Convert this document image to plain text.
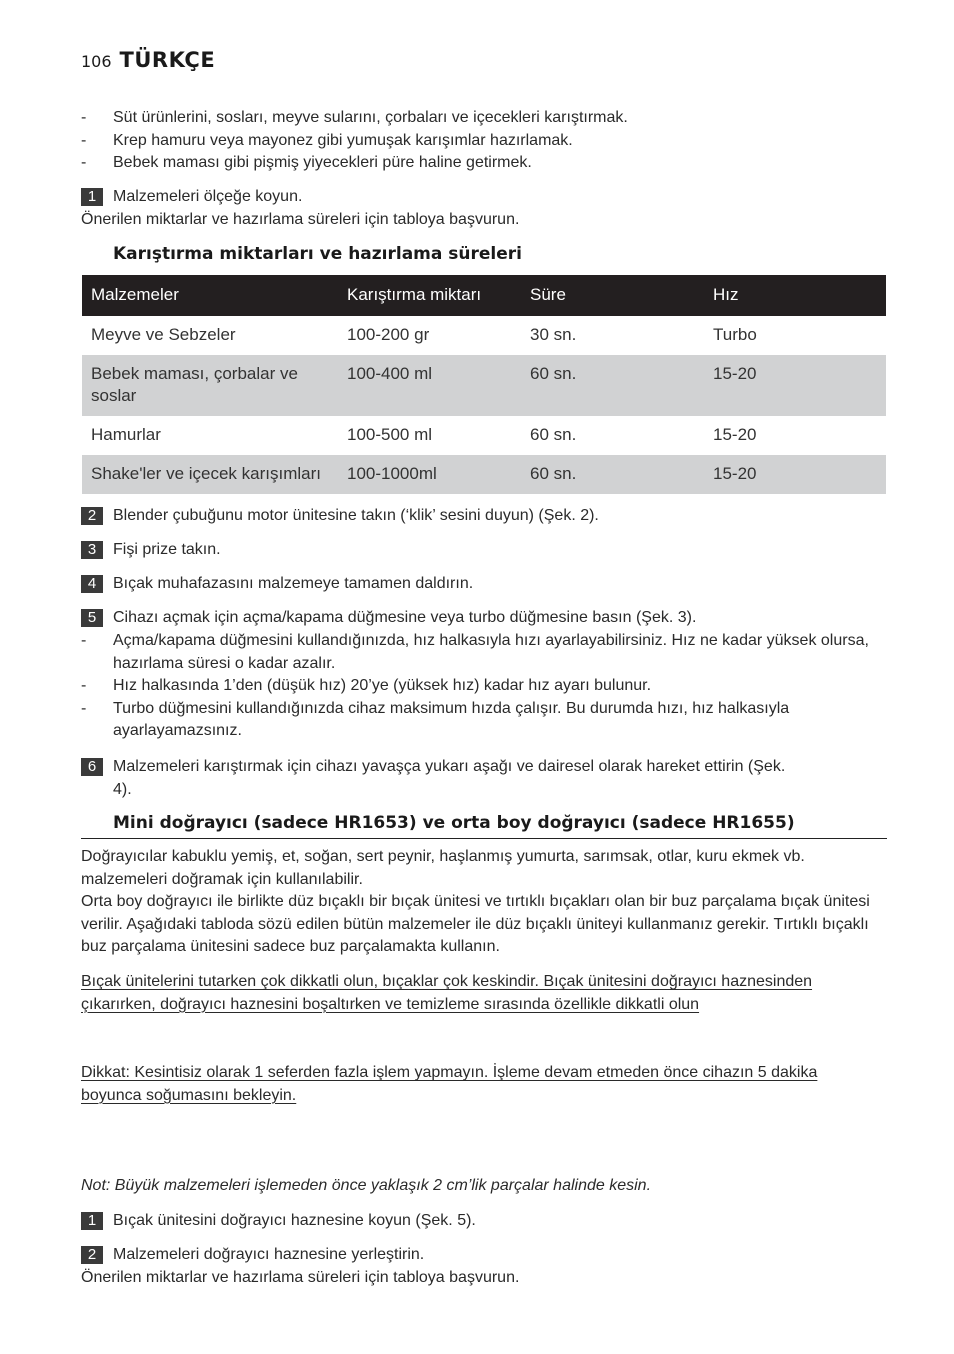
106 TÜRKÇE
- Süt ürünlerini, sosları, meyve sularını, çorbaları ve içecekleri karıştırmak.
- Krep hamuru veya mayonez gibi yumuşak karışımlar hazırlamak.
- Bebek maması gibi pişmiş yiyecekleri püre haline getirmek.
1	Malzemeleri ölçeğe koyun.
Önerilen miktarlar ve hazırlama süreleri için tabloya başvurun.
Karıştırma miktarları ve hazırlama süreleri
Malzemeler	Karıştırma miktarı	Süre	Hız
Meyve ve Sebzeler	100-200 gr	30 sn.	Turbo
Bebek maması, çorbalar ve soslar	100-400 ml	60 sn.	15-20
Hamurlar	100-500 ml	60 sn.	15-20
Shake'ler ve içecek karışımları	100-1000ml	60 sn.	15-20
2	Blender çubuğunu motor ünitesine takın (‘klik’ sesini duyun) (Şek. 2).
3	Fişi prize takın.
4	Bıçak muhafazasını malzemeye tamamen daldırın.
5	Cihazı açmak için açma/kapama düğmesine veya turbo düğmesine basın (Şek. 3).
- Açma/kapama düğmesini kullandığınızda, hız halkasıyla hızı ayarlayabilirsiniz. Hız ne kadar yüksek olursa, hazırlama süresi o kadar azalır.
- Hız halkasında 1’den (düşük hız) 20’ye (yüksek hız) kadar hız ayarı bulunur.
- Turbo düğmesini kullandığınızda cihaz maksimum hızda çalışır. Bu durumda hızı, hız halkasıyla ayarlayamazsınız.
6	Malzemeleri karıştırmak için cihazı yavaşça yukarı aşağı ve dairesel olarak hareket ettirin (Şek. 4).
Mini doğrayıcı (sadece HR1653) ve orta boy doğrayıcı (sadece HR1655)
Doğrayıcılar kabuklu yemiş, et, soğan, sert peynir, haşlanmış yumurta, sarımsak, otlar, kuru ekmek vb. malzemeleri doğramak için kullanılabilir.
Orta boy doğrayıcı ile birlikte düz bıçaklı bir bıçak ünitesi ve tırtıklı bıçakları olan bir buz parçalama bıçak ünitesi verilir. Aşağıdaki tabloda sözü edilen bütün malzemeler ile düz bıçaklı üniteyi kullanmanız gerekir. Tırtıklı bıçaklı buz parçalama ünitesini sadece buz parçalamakta kullanın.
Bıçak ünitelerini tutarken çok dikkatli olun, bıçaklar çok keskindir. Bıçak ünitesini doğrayıcı haznesinden çıkarırken, doğrayıcı haznesini boşaltırken ve temizleme sırasında özellikle dikkatli olun
Dikkat: Kesintisiz olarak 1 seferden fazla işlem yapmayın. İşleme devam etmeden önce cihazın 5 dakika boyunca soğumasını bekleyin.
Not: Büyük malzemeleri işlemeden önce yaklaşık 2 cm’lik parçalar halinde kesin.
1	Bıçak ünitesini doğrayıcı haznesine koyun (Şek. 5).
2	Malzemeleri doğrayıcı haznesine yerleştirin.
Önerilen miktarlar ve hazırlama süreleri için tabloya başvurun.
